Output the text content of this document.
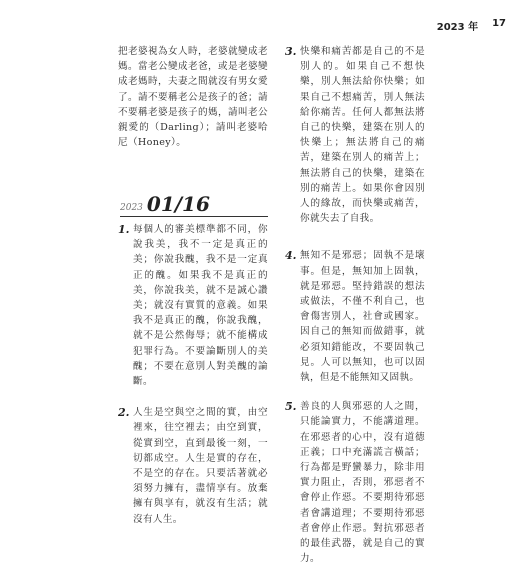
2023 年 17

把老婆視為女人時，老婆就變成老媽。當老公變成老爸，或是老婆變成老媽時，夫妻之間就沒有男女愛了。請不要稱老公是孩子的爸；請不要稱老婆是孩子的媽，請叫老公親愛的（Darling）；請叫老婆哈尼（Honey）。

2023 01/16
1. 每個人的審美標準都不同，你說我美，我不一定是真正的美；你說我醜，我不是一定真正的醜。如果我不是真正的美，你說我美，就不是誠心讚美；就沒有實質的意義。如果我不是真正的醜，你說我醜，就不是公然侮辱；就不能構成犯罪行為。不要論斷別人的美醜；不要在意別人對美醜的論斷。

2. 人生是空與空之間的實，由空裡來，往空裡去；由空到實，從實到空，直到最後一刻，一切都成空。人生是實的存在，不是空的存在。只要活著就必須努力擁有，盡情享有。放棄擁有與享有，就沒有生活；就沒有人生。

3. 快樂和痛苦都是自己的不是別人的。如果自己不想快樂，別人無法給你快樂；如果自己不想痛苦，別人無法給你痛苦。任何人都無法將自己的快樂，建築在別人的快樂上；無法將自己的痛苦，建築在別人的痛苦上；無法將自己的快樂，建築在別的痛苦上。如果你會因別人的緣故，而快樂或痛苦，你就失去了自我。

4. 無知不是邪惡；固執不是壞事。但是，無知加上固執，就是邪惡。堅持錯誤的想法或做法，不僅不利自己，也會傷害別人，社會或國家。因自己的無知而做錯事，就必須知錯能改，不要固執己見。人可以無知，也可以固執，但是不能無知又固執。

5. 善良的人與邪惡的人之間，只能論實力，不能講道理。在邪惡者的心中，沒有道德正義；口中充滿謊言橫話；行為都是野蠻暴力，除非用實力阻止，否則，邪惡者不會停止作惡。不要期待邪惡者會講道理；不要期待邪惡者會停止作惡。對抗邪惡者的最佳武器，就是自己的實力。
